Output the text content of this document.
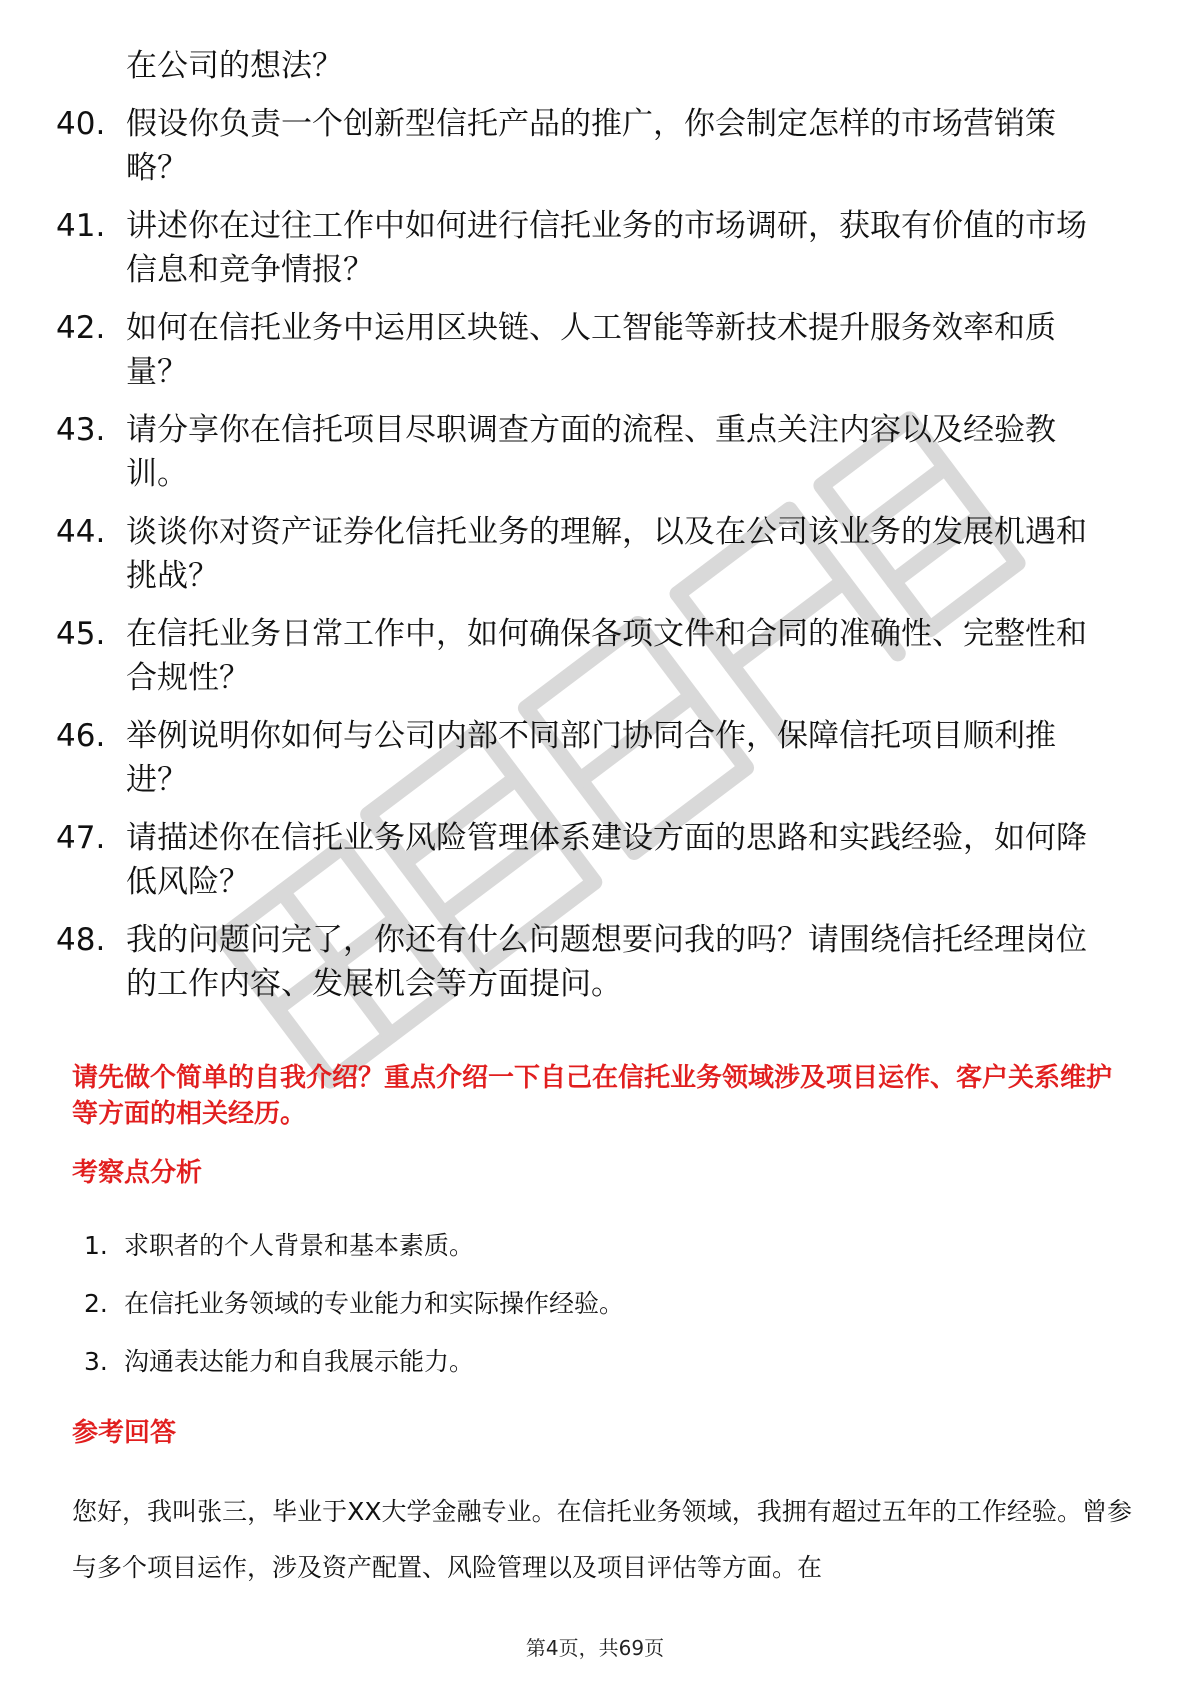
在公司的想法？
40. 假设你负责一个创新型信托产品的推广，你会制定怎样的市场营销策略？
41. 讲述你在过往工作中如何进行信托业务的市场调研，获取有价值的市场信息和竞争情报？
42. 如何在信托业务中运用区块链、人工智能等新技术提升服务效率和质量？
43. 请分享你在信托项目尽职调查方面的流程、重点关注内容以及经验教训。
44. 谈谈你对资产证券化信托业务的理解，以及在公司该业务的发展机遇和挑战？
45. 在信托业务日常工作中，如何确保各项文件和合同的准确性、完整性和合规性？
46. 举例说明你如何与公司内部不同部门协同合作，保障信托项目顺利推进？
47. 请描述你在信托业务风险管理体系建设方面的思路和实践经验，如何降低风险？
48. 我的问题问完了，你还有什么问题想要问我的吗？请围绕信托经理岗位的工作内容、发展机会等方面提问。
请先做个简单的自我介绍？重点介绍一下自己在信托业务领域涉及项目运作、客户关系维护等方面的相关经历。
考察点分析
1. 求职者的个人背景和基本素质。
2. 在信托业务领域的专业能力和实际操作经验。
3. 沟通表达能力和自我展示能力。
参考回答
您好，我叫张三，毕业于XX大学金融专业。在信托业务领域，我拥有超过五年的工作经验。曾参与多个项目运作，涉及资产配置、风险管理以及项目评估等方面。在
第4页，共69页
